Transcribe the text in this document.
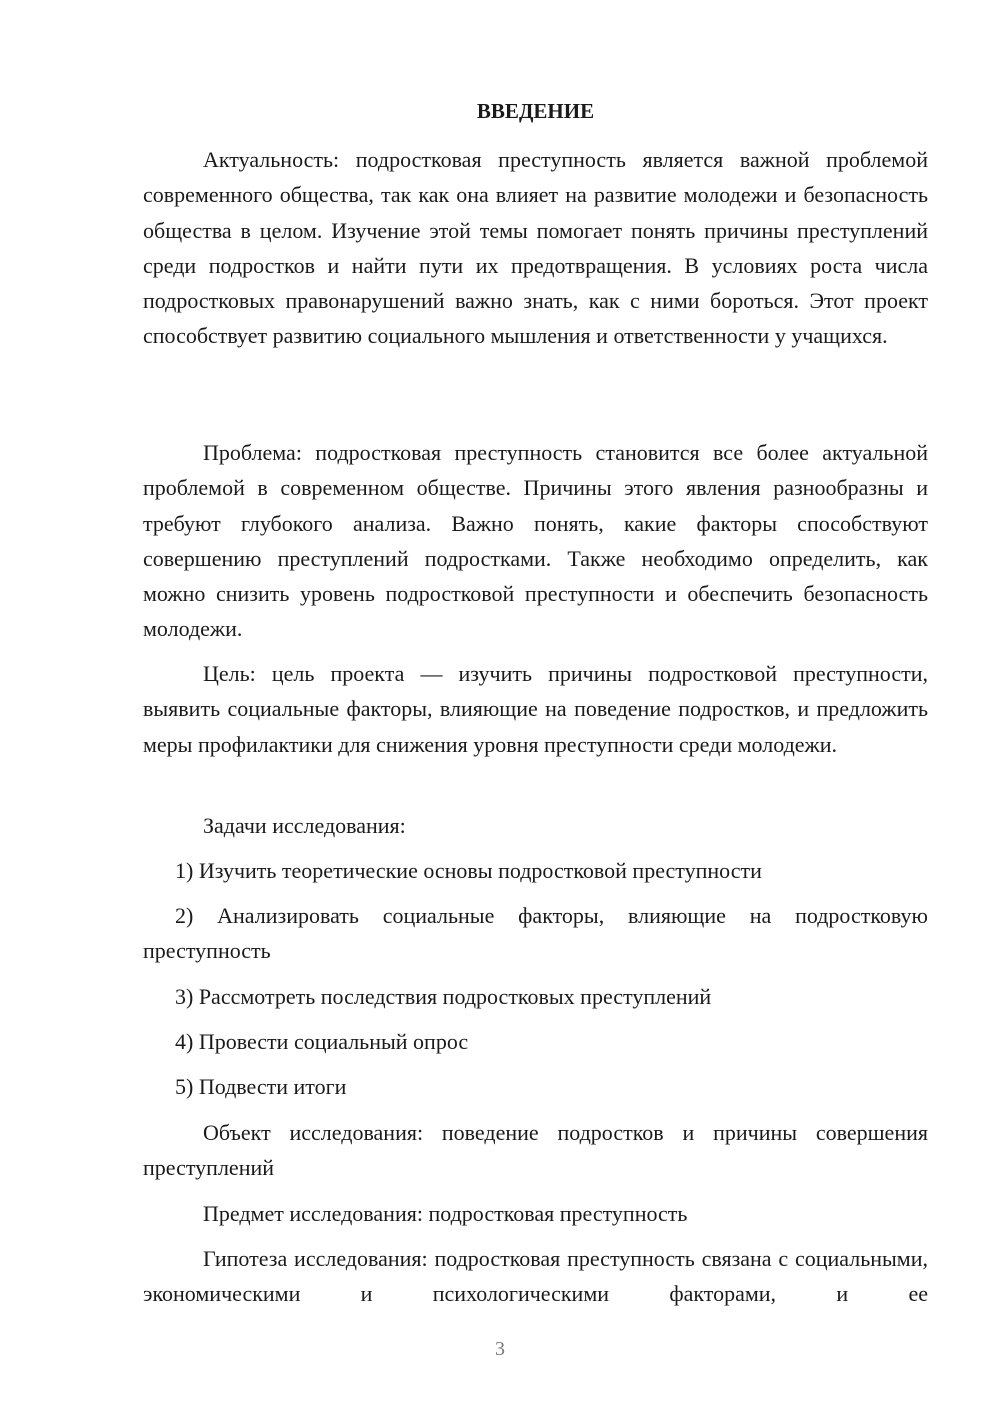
ВВЕДЕНИЕ

Актуальность: подростковая преступность является важной проблемой современного общества, так как она влияет на развитие молодежи и безопасность общества в целом. Изучение этой темы помогает понять причины преступлений среди подростков и найти пути их предотвращения. В условиях роста числа подростковых правонарушений важно знать, как с ними бороться. Этот проект способствует развитию социального мышления и ответственности у учащихся.

Проблема: подростковая преступность становится все более актуальной проблемой в современном обществе. Причины этого явления разнообразны и требуют глубокого анализа. Важно понять, какие факторы способствуют совершению преступлений подростками. Также необходимо определить, как можно снизить уровень подростковой преступности и обеспечить безопасность молодежи.

Цель: цель проекта — изучить причины подростковой преступности, выявить социальные факторы, влияющие на поведение подростков, и предложить меры профилактики для снижения уровня преступности среди молодежи.

Задачи исследования:

1) Изучить теоретические основы подростковой преступности

2) Анализировать социальные факторы, влияющие на подростковую преступность

3) Рассмотреть последствия подростковых преступлений

4) Провести социальный опрос

5) Подвести итоги

Объект исследования: поведение подростков и причины совершения преступлений

Предмет исследования: подростковая преступность

Гипотеза исследования: подростковая преступность связана с социальными, экономическими и психологическими факторами, и ее

3
